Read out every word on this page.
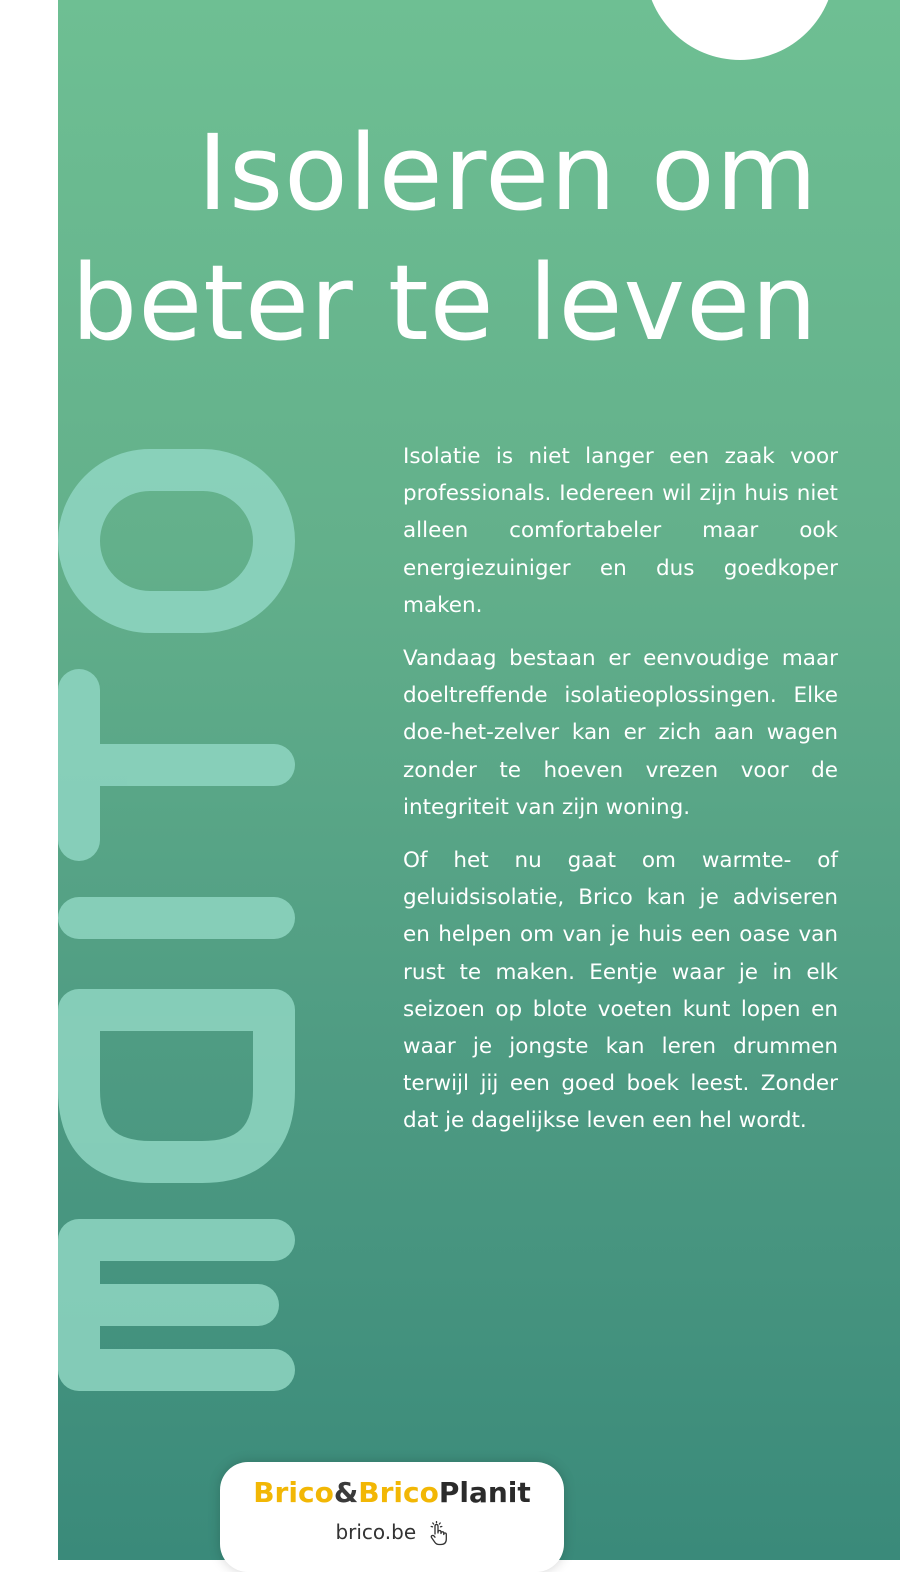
Isoleren om
beter te leven

Isolatie is niet langer een zaak voor professionals. Iedereen wil zijn huis niet alleen comfortabeler maar ook energiezuiniger en dus goedkoper maken.

Vandaag bestaan er eenvoudige maar doeltreffende isolatieoplossingen. Elke doe-het-zelver kan er zich aan wagen zonder te hoeven vrezen voor de integriteit van zijn woning.

Of het nu gaat om warmte- of geluidsisolatie, Brico kan je adviseren en helpen om van je huis een oase van rust te maken. Eentje waar je in elk seizoen op blote voeten kunt lopen en waar je jongste kan leren drummen terwijl jij een goed boek leest. Zonder dat je dagelijkse leven een hel wordt.

Brico&BricoPlanit
brico.be
